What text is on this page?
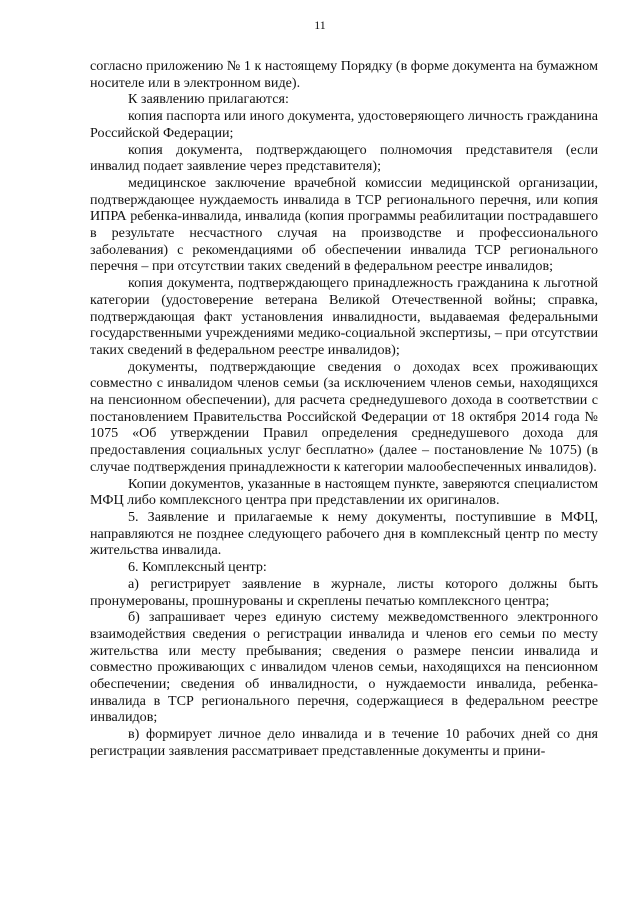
11

согласно приложению № 1 к настоящему Порядку (в форме документа на бумажном носителе или в электронном виде).

К заявлению прилагаются:

копия паспорта или иного документа, удостоверяющего личность гражданина Российской Федерации;

копия документа, подтверждающего полномочия представителя (если инвалид подает заявление через представителя);

медицинское заключение врачебной комиссии медицинской организации, подтверждающее нуждаемость инвалида в ТСР регионального перечня, или копия ИПРА ребенка-инвалида, инвалида (копия программы реабилитации пострадавшего в результате несчастного случая на производстве и профессионального заболевания) с рекомендациями об обеспечении инвалида ТСР регионального перечня – при отсутствии таких сведений в федеральном реестре инвалидов;

копия документа, подтверждающего принадлежность гражданина к льготной категории (удостоверение ветерана Великой Отечественной войны; справка, подтверждающая факт установления инвалидности, выдаваемая федеральными государственными учреждениями медико-социальной экспертизы, – при отсутствии таких сведений в федеральном реестре инвалидов);

документы, подтверждающие сведения о доходах всех проживающих совместно с инвалидом членов семьи (за исключением членов семьи, находящихся на пенсионном обеспечении), для расчета среднедушевого дохода в соответствии с постановлением Правительства Российской Федерации от 18 октября 2014 года № 1075 «Об утверждении Правил определения среднедушевого дохода для предоставления социальных услуг бесплатно» (далее – постановление № 1075) (в случае подтверждения принадлежности к категории малообеспеченных инвалидов).

Копии документов, указанные в настоящем пункте, заверяются специалистом МФЦ либо комплексного центра при представлении их оригиналов.

5. Заявление и прилагаемые к нему документы, поступившие в МФЦ, направляются не позднее следующего рабочего дня в комплексный центр по месту жительства инвалида.

6. Комплексный центр:

а) регистрирует заявление в журнале, листы которого должны быть пронумерованы, прошнурованы и скреплены печатью комплексного центра;

б) запрашивает через единую систему межведомственного электронного взаимодействия сведения о регистрации инвалида и членов его семьи по месту жительства или месту пребывания; сведения о размере пенсии инвалида и совместно проживающих с инвалидом членов семьи, находящихся на пенсионном обеспечении; сведения об инвалидности, о нуждаемости инвалида, ребенка-инвалида в ТСР регионального перечня, содержащиеся в федеральном реестре инвалидов;

в) формирует личное дело инвалида и в течение 10 рабочих дней со дня регистрации заявления рассматривает представленные документы и прини-
